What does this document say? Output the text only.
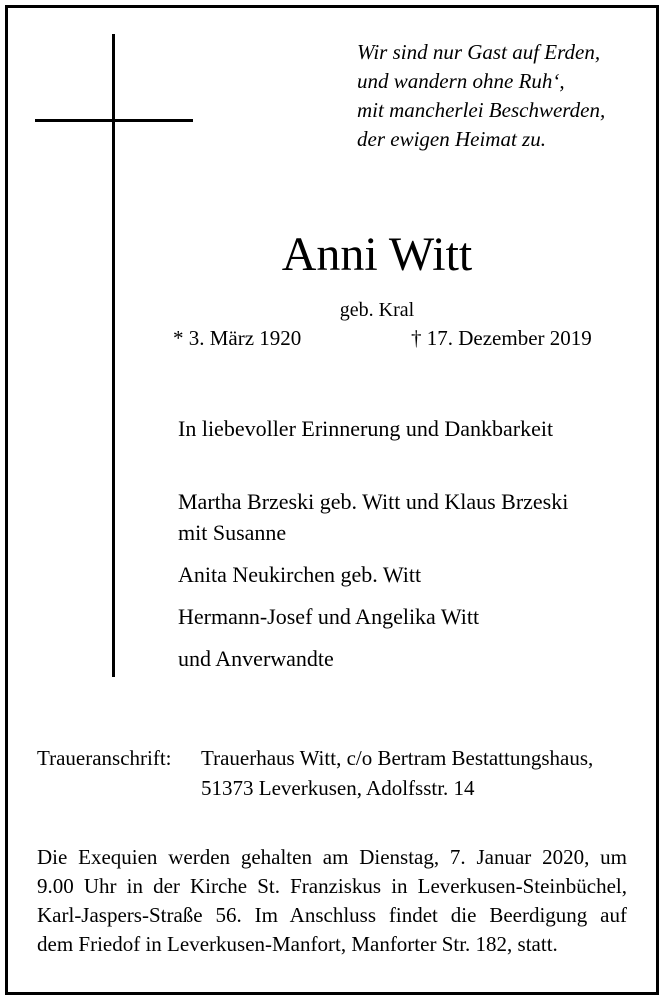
Wir sind nur Gast auf Erden,
und wandern ohne Ruh‘,
mit mancherlei Beschwerden,
der ewigen Heimat zu.
Anni Witt
geb. Kral
* 3. März 1920	† 17. Dezember 2019
In liebevoller Erinnerung und Dankbarkeit
Martha Brzeski geb. Witt und Klaus Brzeski
mit Susanne
Anita Neukirchen geb. Witt
Hermann-Josef und Angelika Witt
und Anverwandte
Traueranschrift: Trauerhaus Witt, c/o Bertram Bestattungshaus,
51373 Leverkusen, Adolfsstr. 14
Die Exequien werden gehalten am Dienstag, 7. Januar 2020, um
9.00 Uhr in der Kirche St. Franziskus in Leverkusen-Steinbüchel,
Karl-Jaspers-Straße 56. Im Anschluss findet die Beerdigung auf
dem Friedof in Leverkusen-Manfort, Manforter Str. 182, statt.
